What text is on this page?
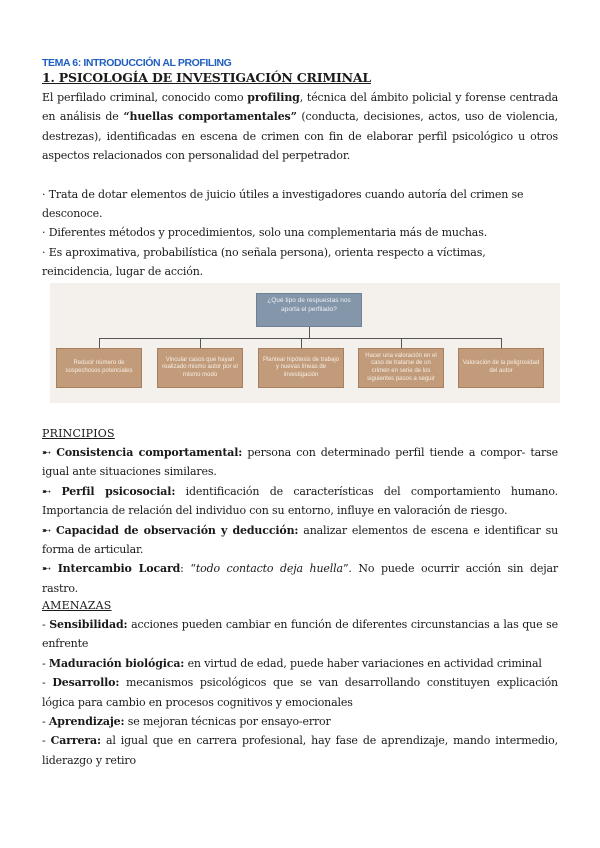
TEMA 6: INTRODUCCIÓN AL PROFILING
1. PSICOLOGÍA DE INVESTIGACIÓN CRIMINAL

El perfilado criminal, conocido como profiling, técnica del ámbito policial y forense centrada en análisis de “huellas comportamentales” (conducta, decisiones, actos, uso de violencia, destrezas), identificadas en escena de crimen con fin de elaborar perfil psicológico u otros aspectos relacionados con personalidad del perpetrador.

· Trata de dotar elementos de juicio útiles a investigadores cuando autoría del crimen se desconoce.

· Diferentes métodos y procedimientos, solo una complementaria más de muchas.

· Es aproximativa, probabilística (no señala persona), orienta respecto a víctimas, reincidencia, lugar de acción.

¿Qué tipo de respuestas nos aporta el perfilado?
Reducir número de sospechosos potenciales
Vincular casos que hayan realizado mismo autor por el mismo modo
Plantear hipótesis de trabajo y nuevas líneas de investigación
Hacer una valoración en el caso de tratarse de un crimen en serie de los siguientes pasos a seguir
Valoración de la peligrosidad del autor
PRINCIPIOS

➸ Consistencia comportamental: persona con determinado perfil tiende a compor- tarse igual ante situaciones similares.

➸ Perfil psicosocial: identificación de características del comportamiento humano. Importancia de relación del individuo con su entorno, influye en valoración de riesgo.

➸ Capacidad de observación y deducción: analizar elementos de escena e identificar su forma de articular.

➸ Intercambio Locard: “todo contacto deja huella”. No puede ocurrir acción sin dejar rastro.

AMENAZAS

- Sensibilidad: acciones pueden cambiar en función de diferentes circunstancias a las que se enfrente

- Maduración biológica: en virtud de edad, puede haber variaciones en actividad criminal

- Desarrollo: mecanismos psicológicos que se van desarrollando constituyen explicación lógica para cambio en procesos cognitivos y emocionales

- Aprendizaje: se mejoran técnicas por ensayo-error

- Carrera: al igual que en carrera profesional, hay fase de aprendizaje, mando intermedio, liderazgo y retiro
